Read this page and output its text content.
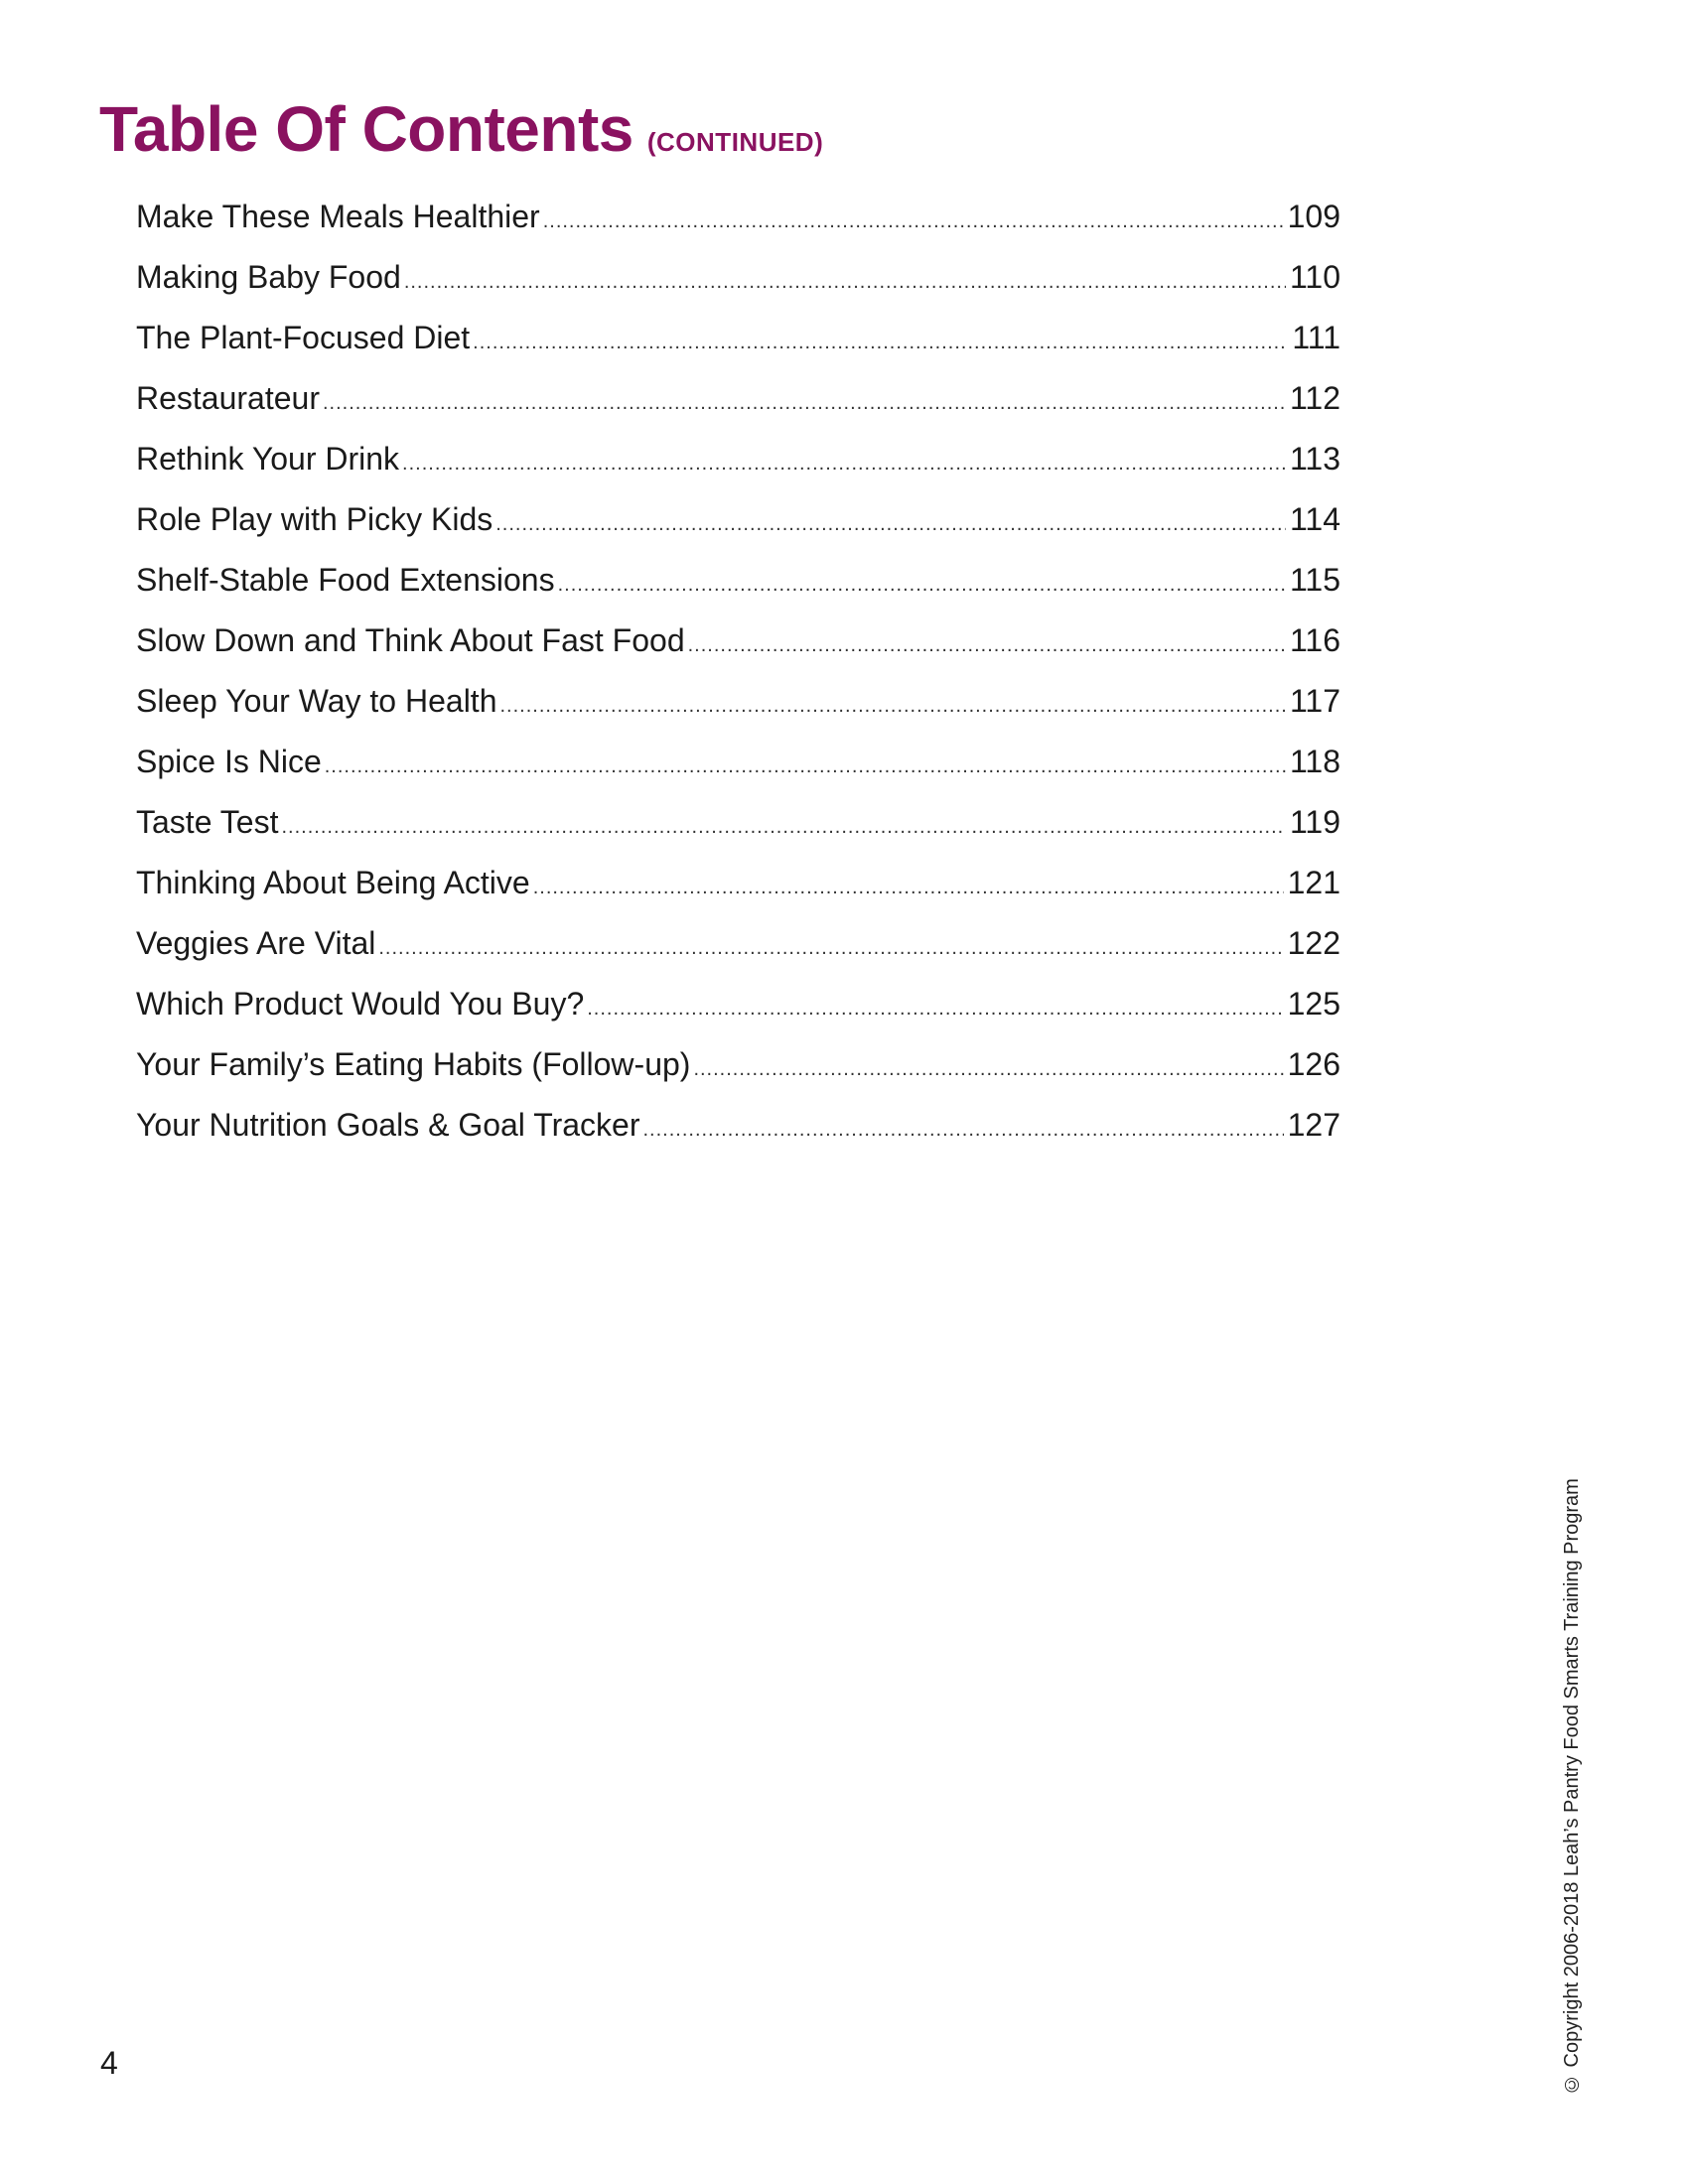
Table Of Contents (CONTINUED)
Make These Meals Healthier .....	109
Making Baby Food .....	110
The Plant-Focused Diet .....	111
Restaurateur .....	112
Rethink Your Drink .....	113
Role Play with Picky Kids .....	114
Shelf-Stable Food Extensions .....	115
Slow Down and Think About Fast Food .....	116
Sleep Your Way to Health .....	117
Spice Is Nice .....	118
Taste Test .....	119
Thinking About Being Active .....	121
Veggies Are Vital .....	122
Which Product Would You Buy? .....	125
Your Family’s Eating Habits (Follow-up) .....	126
Your Nutrition Goals & Goal Tracker .....	127
4	© Copyright 2006-2018 Leah’s Pantry Food Smarts Training Program
